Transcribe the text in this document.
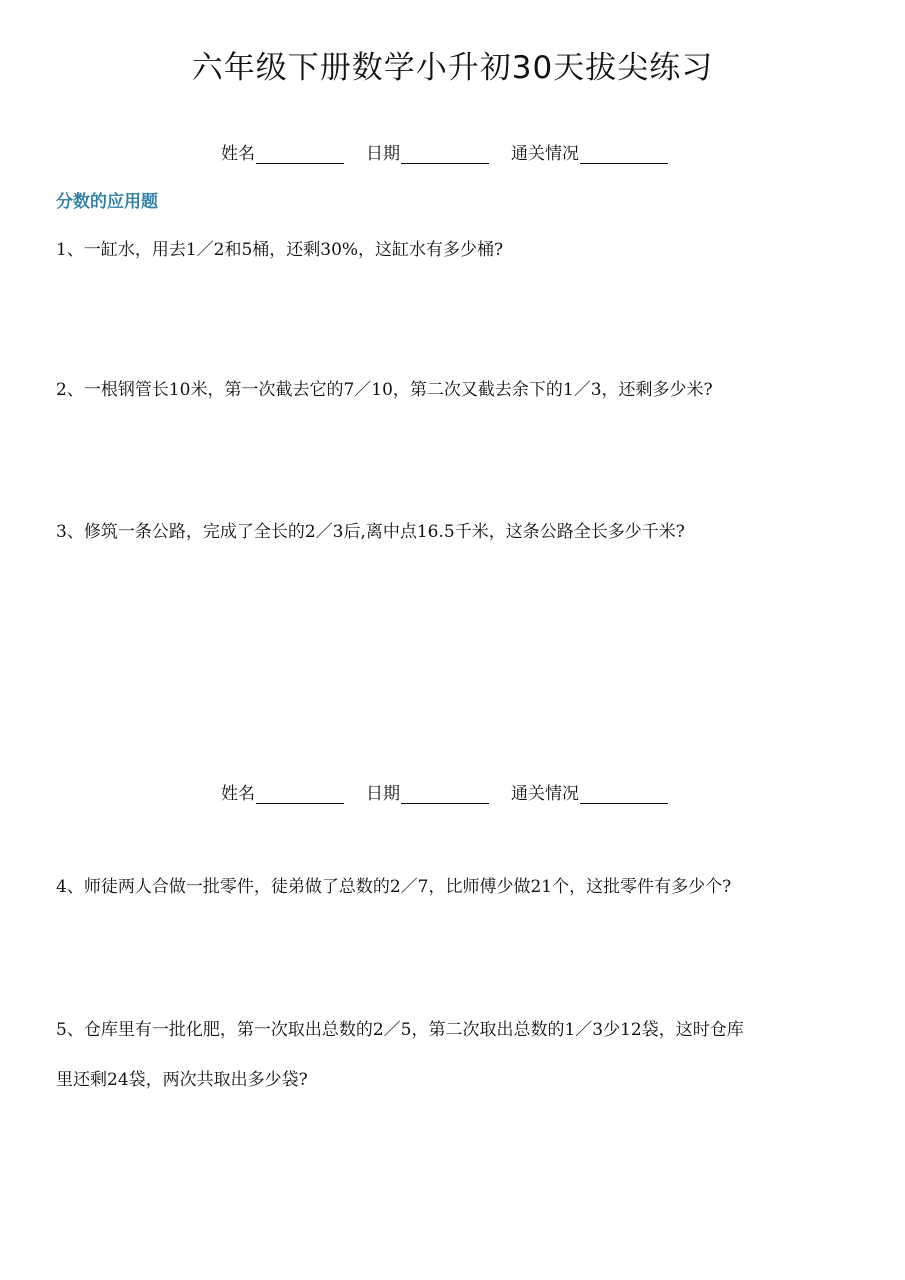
六年级下册数学小升初30天拔尖练习
姓名	日期	通关情况
分数的应用题
1、一缸水，用去1／2和5桶，还剩30%，这缸水有多少桶?
2、一根钢管长10米，第一次截去它的7／10，第二次又截去余下的1／3，还剩多少米?
3、修筑一条公路，完成了全长的2／3后,离中点16.5千米，这条公路全长多少千米?
姓名	日期	通关情况
4、师徒两人合做一批零件，徒弟做了总数的2／7，比师傅少做21个，这批零件有多少个?
5、仓库里有一批化肥，第一次取出总数的2／5，第二次取出总数的1／3少12袋，这时仓库
里还剩24袋，两次共取出多少袋?
